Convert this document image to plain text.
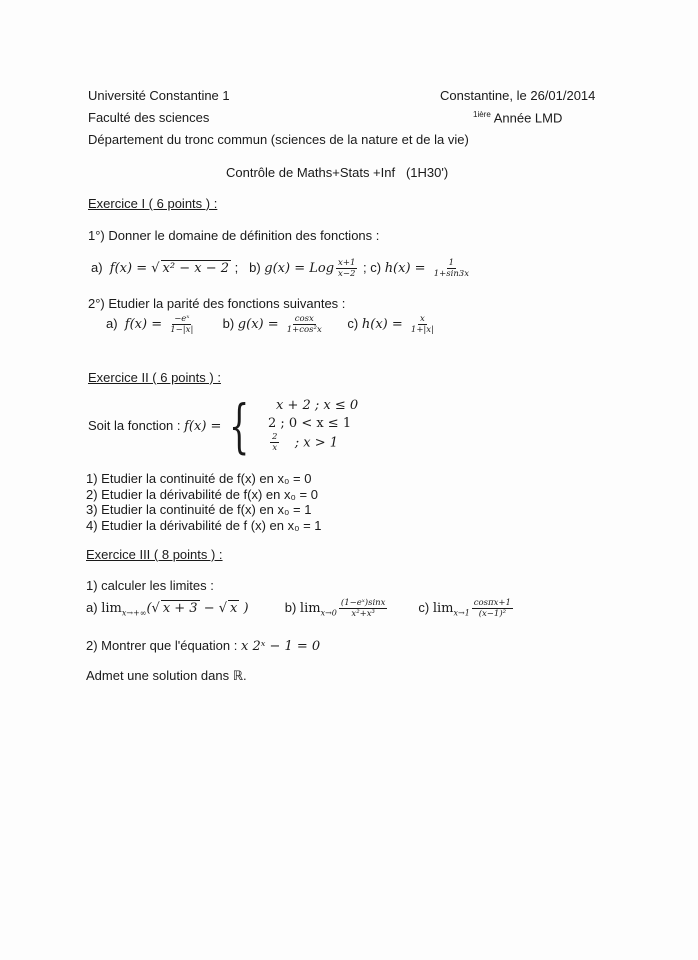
Université Constantine 1	Constantine, le 26/01/2014
Faculté des sciences	$^{1ière}$ Année LMD
Département du tronc commun (sciences de la nature et de la vie)
Contrôle de Maths+Stats +Inf (1H30')
Exercice I ( 6 points ) :
1°) Donner le domaine de définition des fonctions :
a) f(x) = √ x² − x − 2 ; b) g(x) = Log $\frac{x+1}{x-2}$ ; c) $h(x) = \frac{1}{1+\sin 3x}$
2°) Etudier la parité des fonctions suivantes :
a) $f(x) = \frac{\text{−eˣ}}{1-|x|} b$) $g(x) = \frac{\cos x}{\text{1+cos²x}} c$) $h(x) = \frac{x}{1+|x|}$
Exercice II ( 6 points ) :
Soit la fonction : f(x) = { x + 2 ; x ≤ 0
2 ; 0 < x ≤ 1
$\frac{2}{x}$ ; x > 1
1) Etudier la continuité de f(x) en x₀ = 0
2) Etudier la dérivabilité de f(x) en x₀ = 0
3) Etudier la continuité de f(x) en x₀ = 1
4) Etudier la dérivabilité de f (x) en x₀ = 1
Exercice III ( 8 points ) :
1) calculer les limites :
a) $\lim_{x\to+\infty}(√$ x + 3 − √ x )	b) $\lim_{x\to 0} \frac{\text{(1−eˣ)sinx}}{\text{x²+x³}} c$) $\lim_{x\to 1} \frac{\cos\pi x+1}{\text{(x−1)²}}$
2) Montrer que l'équation : x 2ˣ − 1 = 0
Admet une solution dans ℝ.
